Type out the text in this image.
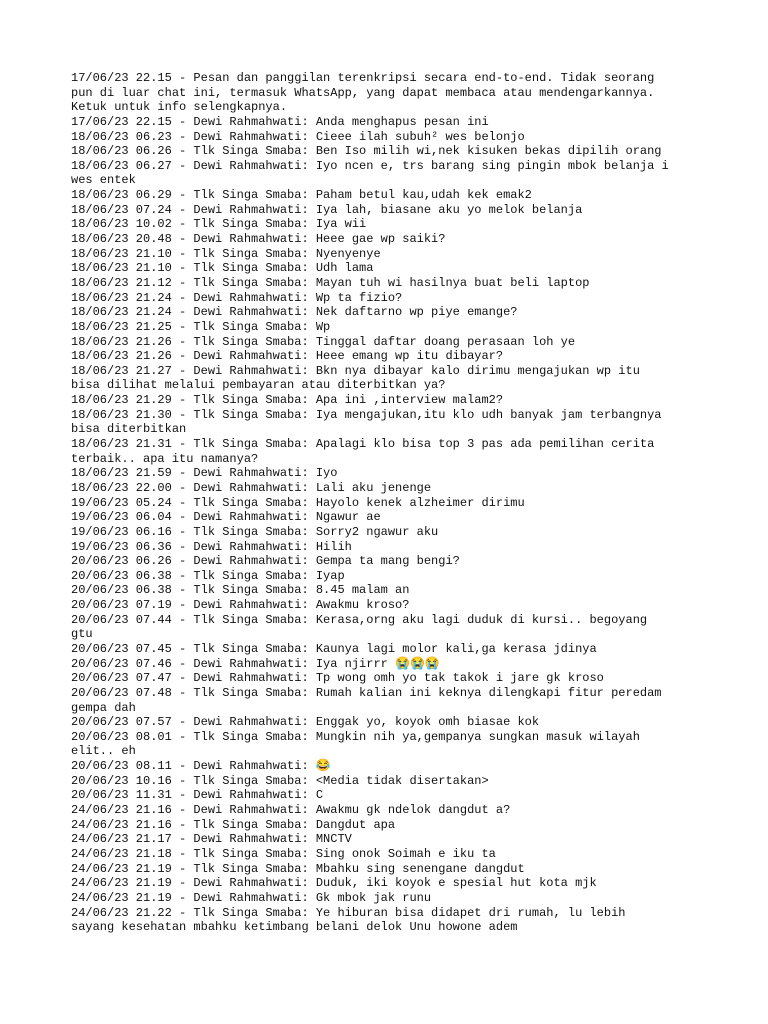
17/06/23 22.15 - Pesan dan panggilan terenkripsi secara end-to-end. Tidak seorang
pun di luar chat ini, termasuk WhatsApp, yang dapat membaca atau mendengarkannya.
Ketuk untuk info selengkapnya.
17/06/23 22.15 - Dewi Rahmahwati: Anda menghapus pesan ini
18/06/23 06.23 - Dewi Rahmahwati: Cieee ilah subuh² wes belonjo
18/06/23 06.26 - Tlk Singa Smaba: Ben Iso milih wi,nek kisuken bekas dipilih orang
18/06/23 06.27 - Dewi Rahmahwati: Iyo ncen e, trs barang sing pingin mbok belanja i
wes entek
18/06/23 06.29 - Tlk Singa Smaba: Paham betul kau,udah kek emak2
18/06/23 07.24 - Dewi Rahmahwati: Iya lah, biasane aku yo melok belanja
18/06/23 10.02 - Tlk Singa Smaba: Iya wii
18/06/23 20.48 - Dewi Rahmahwati: Heee gae wp saiki?
18/06/23 21.10 - Tlk Singa Smaba: Nyenyenye
18/06/23 21.10 - Tlk Singa Smaba: Udh lama
18/06/23 21.12 - Tlk Singa Smaba: Mayan tuh wi hasilnya buat beli laptop
18/06/23 21.24 - Dewi Rahmahwati: Wp ta fizio?
18/06/23 21.24 - Dewi Rahmahwati: Nek daftarno wp piye emange?
18/06/23 21.25 - Tlk Singa Smaba: Wp
18/06/23 21.26 - Tlk Singa Smaba: Tinggal daftar doang perasaan loh ye
18/06/23 21.26 - Dewi Rahmahwati: Heee emang wp itu dibayar?
18/06/23 21.27 - Dewi Rahmahwati: Bkn nya dibayar kalo dirimu mengajukan wp itu
bisa dilihat melalui pembayaran atau diterbitkan ya?
18/06/23 21.29 - Tlk Singa Smaba: Apa ini ,interview malam2?
18/06/23 21.30 - Tlk Singa Smaba: Iya mengajukan,itu klo udh banyak jam terbangnya
bisa diterbitkan
18/06/23 21.31 - Tlk Singa Smaba: Apalagi klo bisa top 3 pas ada pemilihan cerita
terbaik.. apa itu namanya?
18/06/23 21.59 - Dewi Rahmahwati: Iyo
18/06/23 22.00 - Dewi Rahmahwati: Lali aku jenenge
19/06/23 05.24 - Tlk Singa Smaba: Hayolo kenek alzheimer dirimu
19/06/23 06.04 - Dewi Rahmahwati: Ngawur ae
19/06/23 06.16 - Tlk Singa Smaba: Sorry2 ngawur aku
19/06/23 06.36 - Dewi Rahmahwati: Hilih
20/06/23 06.26 - Dewi Rahmahwati: Gempa ta mang bengi?
20/06/23 06.38 - Tlk Singa Smaba: Iyap
20/06/23 06.38 - Tlk Singa Smaba: 8.45 malam an
20/06/23 07.19 - Dewi Rahmahwati: Awakmu kroso?
20/06/23 07.44 - Tlk Singa Smaba: Kerasa,orng aku lagi duduk di kursi.. begoyang
gtu
20/06/23 07.45 - Tlk Singa Smaba: Kaunya lagi molor kali,ga kerasa jdinya
20/06/23 07.46 - Dewi Rahmahwati: Iya njirrr 😭😭😭
20/06/23 07.47 - Dewi Rahmahwati: Tp wong omh yo tak takok i jare gk kroso
20/06/23 07.48 - Tlk Singa Smaba: Rumah kalian ini keknya dilengkapi fitur peredam
gempa dah
20/06/23 07.57 - Dewi Rahmahwati: Enggak yo, koyok omh biasae kok
20/06/23 08.01 - Tlk Singa Smaba: Mungkin nih ya,gempanya sungkan masuk wilayah
elit.. eh
20/06/23 08.11 - Dewi Rahmahwati: 😂
20/06/23 10.16 - Tlk Singa Smaba: <Media tidak disertakan>
20/06/23 11.31 - Dewi Rahmahwati: C
24/06/23 21.16 - Dewi Rahmahwati: Awakmu gk ndelok dangdut a?
24/06/23 21.16 - Tlk Singa Smaba: Dangdut apa
24/06/23 21.17 - Dewi Rahmahwati: MNCTV
24/06/23 21.18 - Tlk Singa Smaba: Sing onok Soimah e iku ta
24/06/23 21.19 - Tlk Singa Smaba: Mbahku sing senengane dangdut
24/06/23 21.19 - Dewi Rahmahwati: Duduk, iki koyok e spesial hut kota mjk
24/06/23 21.19 - Dewi Rahmahwati: Gk mbok jak runu
24/06/23 21.22 - Tlk Singa Smaba: Ye hiburan bisa didapet dri rumah, lu lebih
sayang kesehatan mbahku ketimbang belani delok Unu howone adem
